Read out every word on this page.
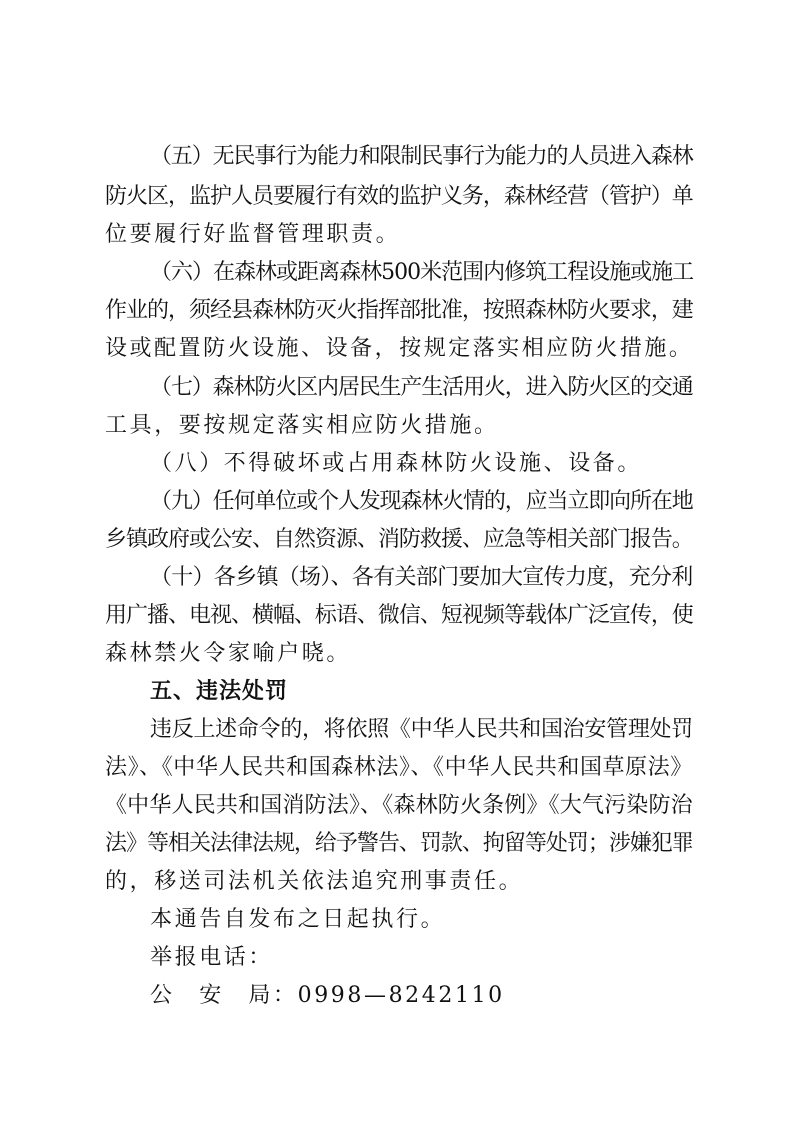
（五）无民事行为能力和限制民事行为能力的人员进入森林
防火区，监护人员要履行有效的监护义务，森林经营（管护）单
位要履行好监督管理职责。
（六）在森林或距离森林500米范围内修筑工程设施或施工
作业的，须经县森林防灭火指挥部批准，按照森林防火要求，建
设或配置防火设施、设备，按规定落实相应防火措施。
（七）森林防火区内居民生产生活用火，进入防火区的交通
工具，要按规定落实相应防火措施。
（八）不得破坏或占用森林防火设施、设备。
（九）任何单位或个人发现森林火情的，应当立即向所在地
乡镇政府或公安、自然资源、消防救援、应急等相关部门报告。
（十）各乡镇（场）、各有关部门要加大宣传力度，充分利
用广播、电视、横幅、标语、微信、短视频等载体广泛宣传，使
森林禁火令家喻户晓。
五、违法处罚
违反上述命令的，将依照《中华人民共和国治安管理处罚
法》、《中华人民共和国森林法》、《中华人民共和国草原法》
《中华人民共和国消防法》、《森林防火条例》《大气污染防治
法》等相关法律法规，给予警告、罚款、拘留等处罚；涉嫌犯罪
的，移送司法机关依法追究刑事责任。
本通告自发布之日起执行。
举报电话：
公　安　局：0998—8242110
